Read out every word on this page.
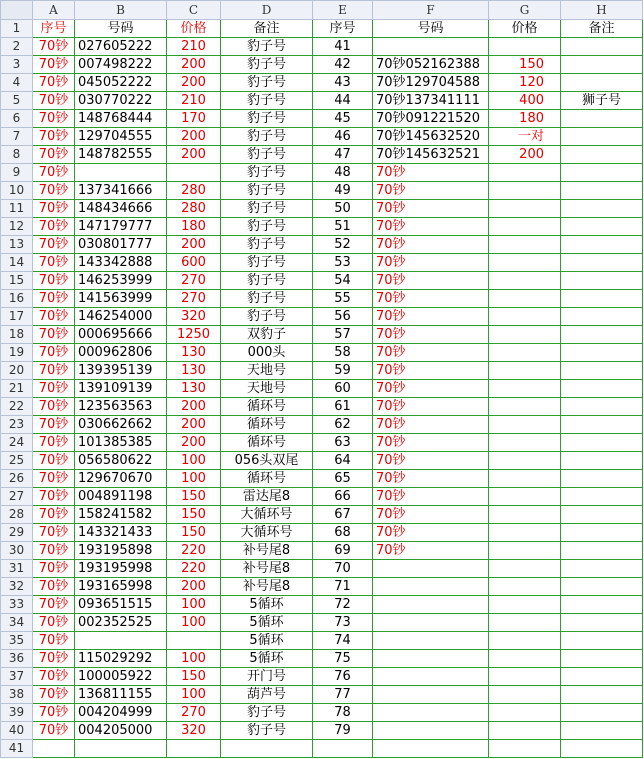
	A	B	C	D	E	F	G	H
1	序号	号码	价格	备注	序号	号码	价格	备注
2	70钞	027605222	210	豹子号	41			
3	70钞	007498222	200	豹子号	42	70钞052162388	150	
4	70钞	045052222	200	豹子号	43	70钞129704588	120	
5	70钞	030770222	210	豹子号	44	70钞137341111	400	狮子号
6	70钞	148768444	170	豹子号	45	70钞091221520	180	
7	70钞	129704555	200	豹子号	46	70钞145632520	一对	
8	70钞	148782555	200	豹子号	47	70钞145632521	200	
9	70钞			豹子号	48	70钞		
10	70钞	137341666	280	豹子号	49	70钞		
11	70钞	148434666	280	豹子号	50	70钞		
12	70钞	147179777	180	豹子号	51	70钞		
13	70钞	030801777	200	豹子号	52	70钞		
14	70钞	143342888	600	豹子号	53	70钞		
15	70钞	146253999	270	豹子号	54	70钞		
16	70钞	141563999	270	豹子号	55	70钞		
17	70钞	146254000	320	豹子号	56	70钞		
18	70钞	000695666	1250	双豹子	57	70钞		
19	70钞	000962806	130	000头	58	70钞		
20	70钞	139395139	130	天地号	59	70钞		
21	70钞	139109139	130	天地号	60	70钞		
22	70钞	123563563	200	循环号	61	70钞		
23	70钞	030662662	200	循环号	62	70钞		
24	70钞	101385385	200	循环号	63	70钞		
25	70钞	056580622	100	056头双尾	64	70钞		
26	70钞	129670670	100	循环号	65	70钞		
27	70钞	004891198	150	雷达尾8	66	70钞		
28	70钞	158241582	150	大循环号	67	70钞		
29	70钞	143321433	150	大循环号	68	70钞		
30	70钞	193195898	220	补号尾8	69	70钞		
31	70钞	193195998	220	补号尾8	70			
32	70钞	193165998	200	补号尾8	71			
33	70钞	093651515	100	5循环	72			
34	70钞	002352525	100	5循环	73			
35	70钞			5循环	74			
36	70钞	115029292	100	5循环	75			
37	70钞	100005922	150	开门号	76			
38	70钞	136811155	100	葫芦号	77			
39	70钞	004204999	270	豹子号	78			
40	70钞	004205000	320	豹子号	79			
41								
